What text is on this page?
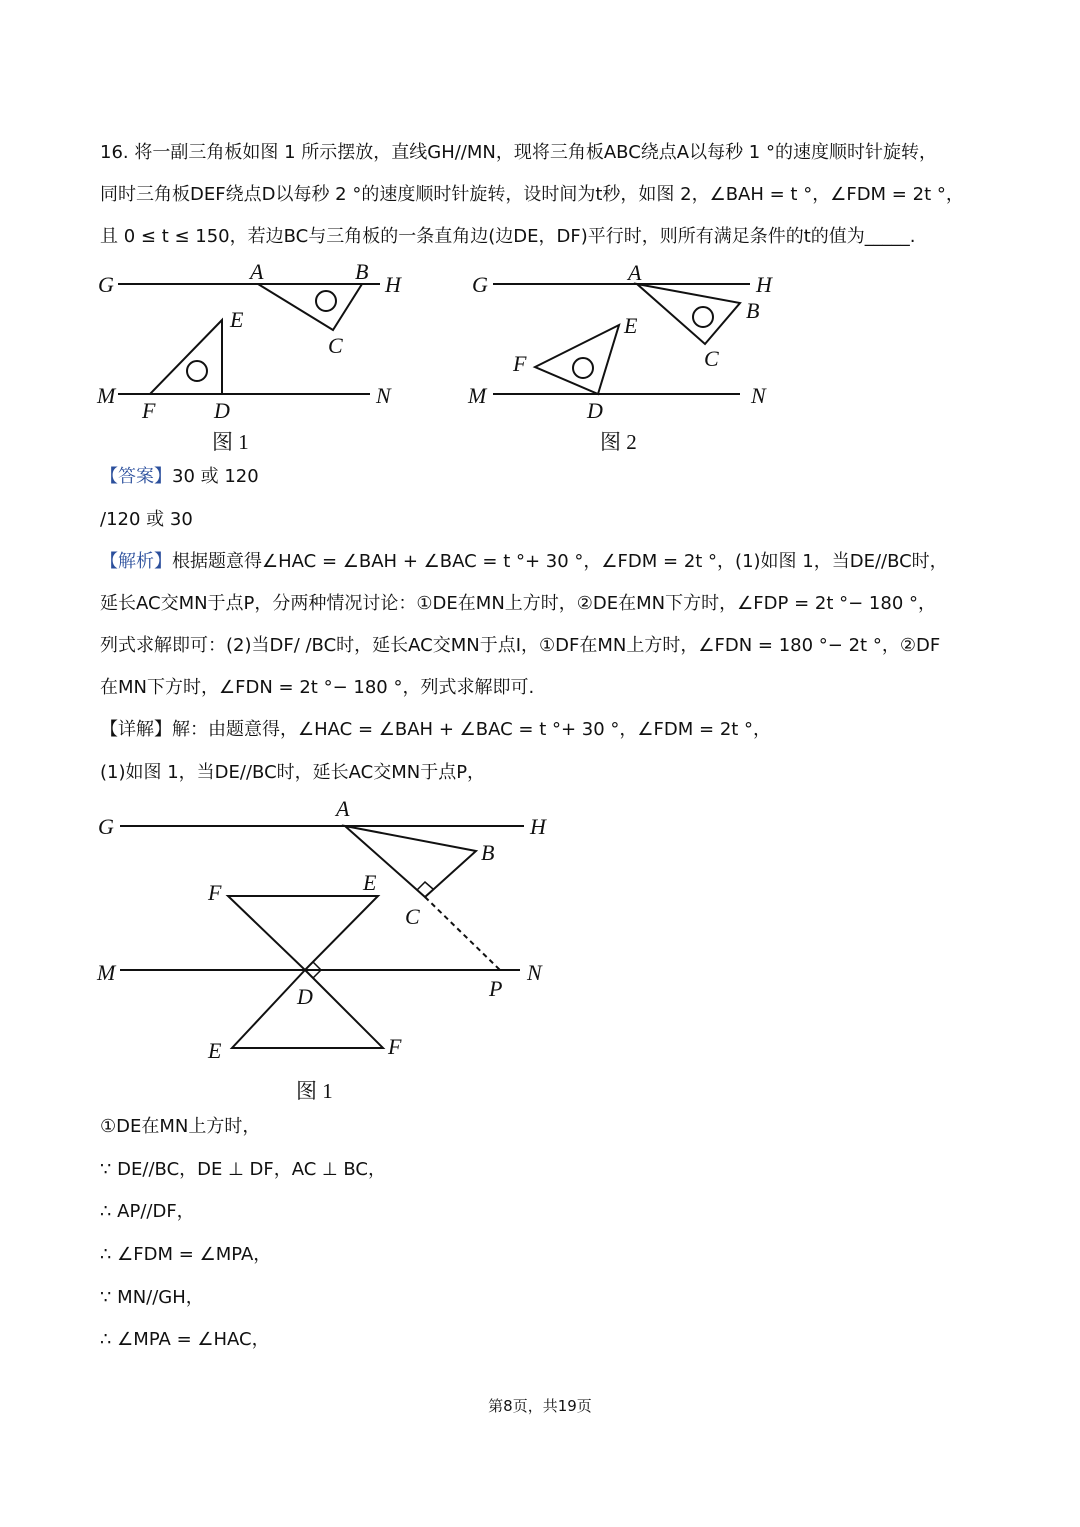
16. 将一副三角板如图 1 所示摆放，直线GH//MN，现将三角板ABC绕点A以每秒 1 °的速度顺时针旋转，
同时三角板DEF绕点D以每秒 2 °的速度顺时针旋转，设时间为t秒，如图 2，∠BAH = t °，∠FDM = 2t °，
且 0 ≤ t ≤ 150，若边BC与三角板的一条直角边(边DE，DF)平行时，则所有满足条件的t的值为_____.
G
A	B
H
C
E
M
F	D
N
图 1
G	A	H
B
C
E
F
M
D
N
图 2
G
A
H
B
C
F	E
M
D	P
N
E	F
图 1
【答案】30 或 120
/120 或 30
【解析】根据题意得∠HAC = ∠BAH + ∠BAC = t °+ 30 °，∠FDM = 2t °，(1)如图 1，当DE//BC时，
延长AC交MN于点P，分两种情况讨论：①DE在MN上方时，②DE在MN下方时，∠FDP = 2t °− 180 °，
列式求解即可：(2)当DF/ /BC时，延长AC交MN于点I，①DF在MN上方时，∠FDN = 180 °− 2t °，②DF
在MN下方时，∠FDN = 2t °− 180 °，列式求解即可.
【详解】解：由题意得，∠HAC = ∠BAH + ∠BAC = t °+ 30 °，∠FDM = 2t °，
(1)如图 1，当DE//BC时，延长AC交MN于点P，
①DE在MN上方时，
∵ DE//BC，DE ⊥ DF，AC ⊥ BC，
∴ AP//DF，
∴ ∠FDM = ∠MPA，
∵ MN//GH，
∴ ∠MPA = ∠HAC，
第8页，共19页
